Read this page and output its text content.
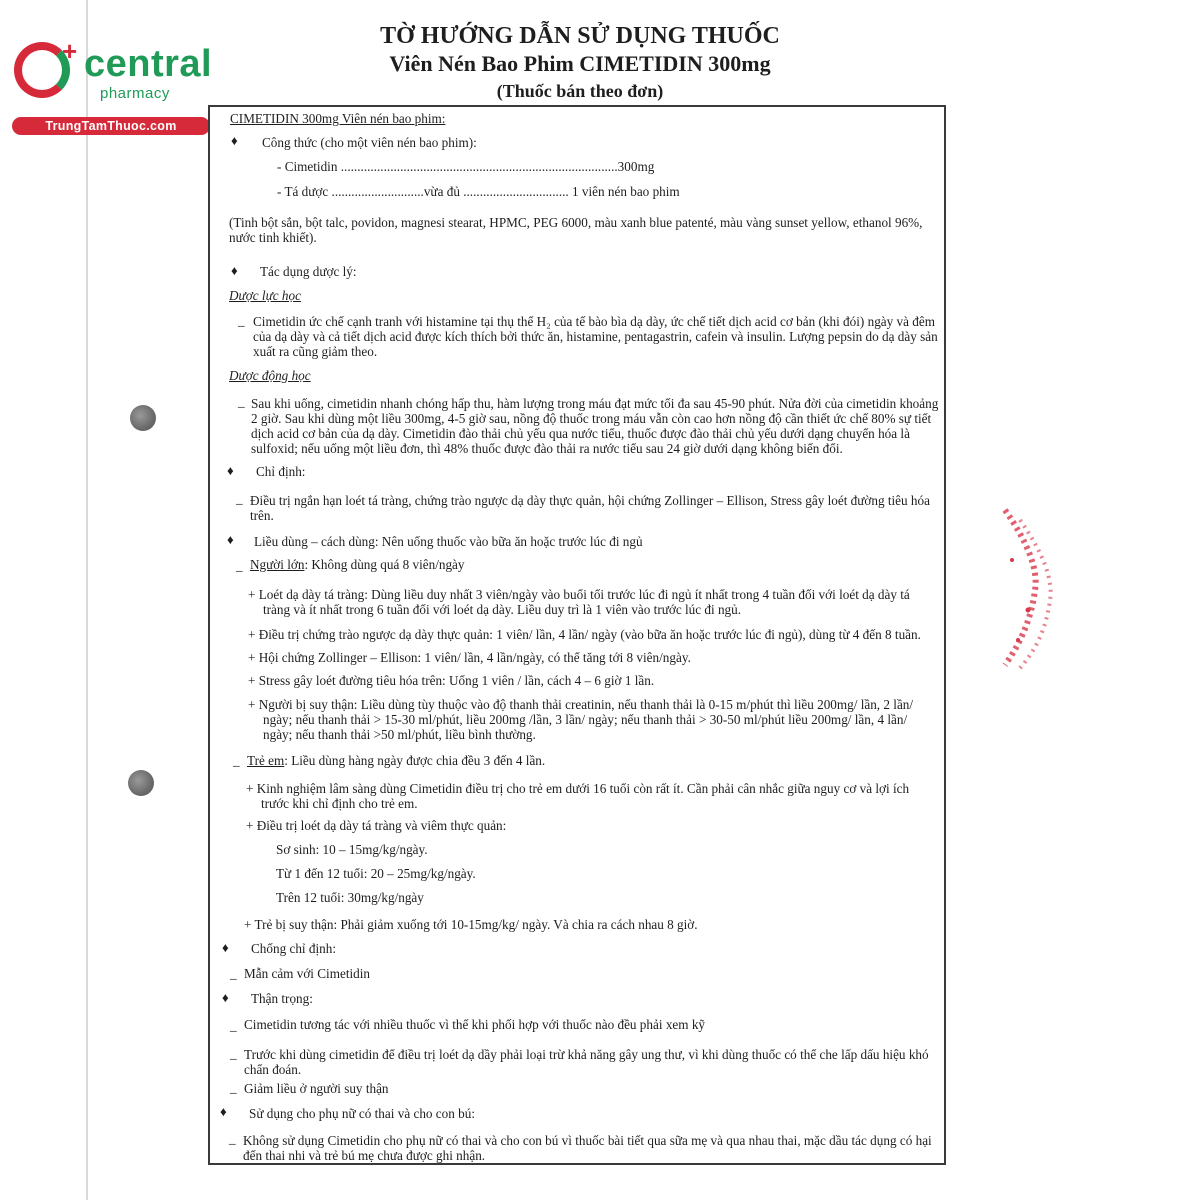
+ central
pharmacy
TrungTamThuoc.com
TỜ HƯỚNG DẪN SỬ DỤNG THUỐC
Viên Nén Bao Phim CIMETIDIN 300mg
(Thuốc bán theo đơn)
CIMETIDIN 300mg Viên nén bao phim:
♦ Công thức (cho một viên nén bao phim):
- Cimetidin ....................................................................................300mg
- Tá dược ............................vừa đủ ................................ 1 viên nén bao phim
(Tinh bột sắn, bột talc, povidon, magnesi stearat, HPMC, PEG 6000, màu xanh blue patenté, màu vàng sunset yellow, ethanol 96%,
nước tinh khiết).
♦ Tác dụng dược lý:
Dược lực học
_ Cimetidin ức chế cạnh tranh với histamine tại thụ thể H₂ của tế bào bìa dạ dày, ức chế tiết dịch acid cơ bản (khi đói) ngày và đêm
của dạ dày và cả tiết dịch acid được kích thích bởi thức ăn, histamine, pentagastrin, cafein và insulin. Lượng pepsin do dạ dày sản
xuất ra cũng giảm theo.
Dược động học
_ Sau khi uống, cimetidin nhanh chóng hấp thu, hàm lượng trong máu đạt mức tối đa sau 45-90 phút. Nửa đời của cimetidin khoảng
2 giờ. Sau khi dùng một liều 300mg, 4-5 giờ sau, nồng độ thuốc trong máu vẫn còn cao hơn nồng độ cần thiết ức chế 80% sự tiết
dịch acid cơ bản của dạ dày. Cimetidin đào thải chủ yếu qua nước tiểu, thuốc được đào thải chủ yếu dưới dạng chuyển hóa là
sulfoxid; nếu uống một liều đơn, thì 48% thuốc được đào thải ra nước tiểu sau 24 giờ dưới dạng không biến đổi.
♦ Chỉ định:
_ Điều trị ngắn hạn loét tá tràng, chứng trào ngược dạ dày thực quản, hội chứng Zollinger – Ellison, Stress gây loét đường tiêu hóa
trên.
♦ Liều dùng – cách dùng: Nên uống thuốc vào bữa ăn hoặc trước lúc đi ngủ
_ Người lớn: Không dùng quá 8 viên/ngày
+ Loét dạ dày tá tràng: Dùng liều duy nhất 3 viên/ngày vào buổi tối trước lúc đi ngủ ít nhất trong 4 tuần đối với loét dạ dày tá
tràng và ít nhất trong 6 tuần đối với loét dạ dày. Liều duy trì là 1 viên vào trước lúc đi ngủ.
+ Điều trị chứng trào ngược dạ dày thực quản: 1 viên/ lần, 4 lần/ ngày (vào bữa ăn hoặc trước lúc đi ngủ), dùng từ 4 đến 8 tuần.
+ Hội chứng Zollinger – Ellison: 1 viên/ lần, 4 lần/ngày, có thể tăng tới 8 viên/ngày.
+ Stress gây loét đường tiêu hóa trên: Uống 1 viên / lần, cách 4 – 6 giờ 1 lần.
+ Người bị suy thận: Liều dùng tùy thuộc vào độ thanh thải creatinin, nếu thanh thải là 0-15 m/phút thì liều 200mg/ lần, 2 lần/
ngày; nếu thanh thải > 15-30 ml/phút, liều 200mg /lần, 3 lần/ ngày; nếu thanh thải > 30-50 ml/phút liều 200mg/ lần, 4 lần/
ngày; nếu thanh thải >50 ml/phút, liều bình thường.
_ Trẻ em: Liều dùng hàng ngày được chia đều 3 đến 4 lần.
+ Kinh nghiệm lâm sàng dùng Cimetidin điều trị cho trẻ em dưới 16 tuổi còn rất ít. Cần phải cân nhắc giữa nguy cơ và lợi ích
trước khi chỉ định cho trẻ em.
+ Điều trị loét dạ dày tá tràng và viêm thực quản:
Sơ sinh: 10 – 15mg/kg/ngày.
Từ 1 đến 12 tuổi: 20 – 25mg/kg/ngày.
Trên 12 tuổi: 30mg/kg/ngày
+ Trẻ bị suy thận: Phải giảm xuống tới 10-15mg/kg/ ngày. Và chia ra cách nhau 8 giờ.
♦ Chống chỉ định:
_ Mẫn cảm với Cimetidin
♦ Thận trọng:
_ Cimetidin tương tác với nhiều thuốc vì thế khi phối hợp với thuốc nào đều phải xem kỹ
_ Trước khi dùng cimetidin để điều trị loét dạ dầy phải loại trừ khả năng gây ung thư, vì khi dùng thuốc có thể che lấp dấu hiệu khó
chẩn đoán.
_ Giảm liều ở người suy thận
♦ Sử dụng cho phụ nữ có thai và cho con bú:
_ Không sử dụng Cimetidin cho phụ nữ có thai và cho con bú vì thuốc bài tiết qua sữa mẹ và qua nhau thai, mặc dầu tác dụng có hại
đến thai nhi và trẻ bú mẹ chưa được ghi nhận.
